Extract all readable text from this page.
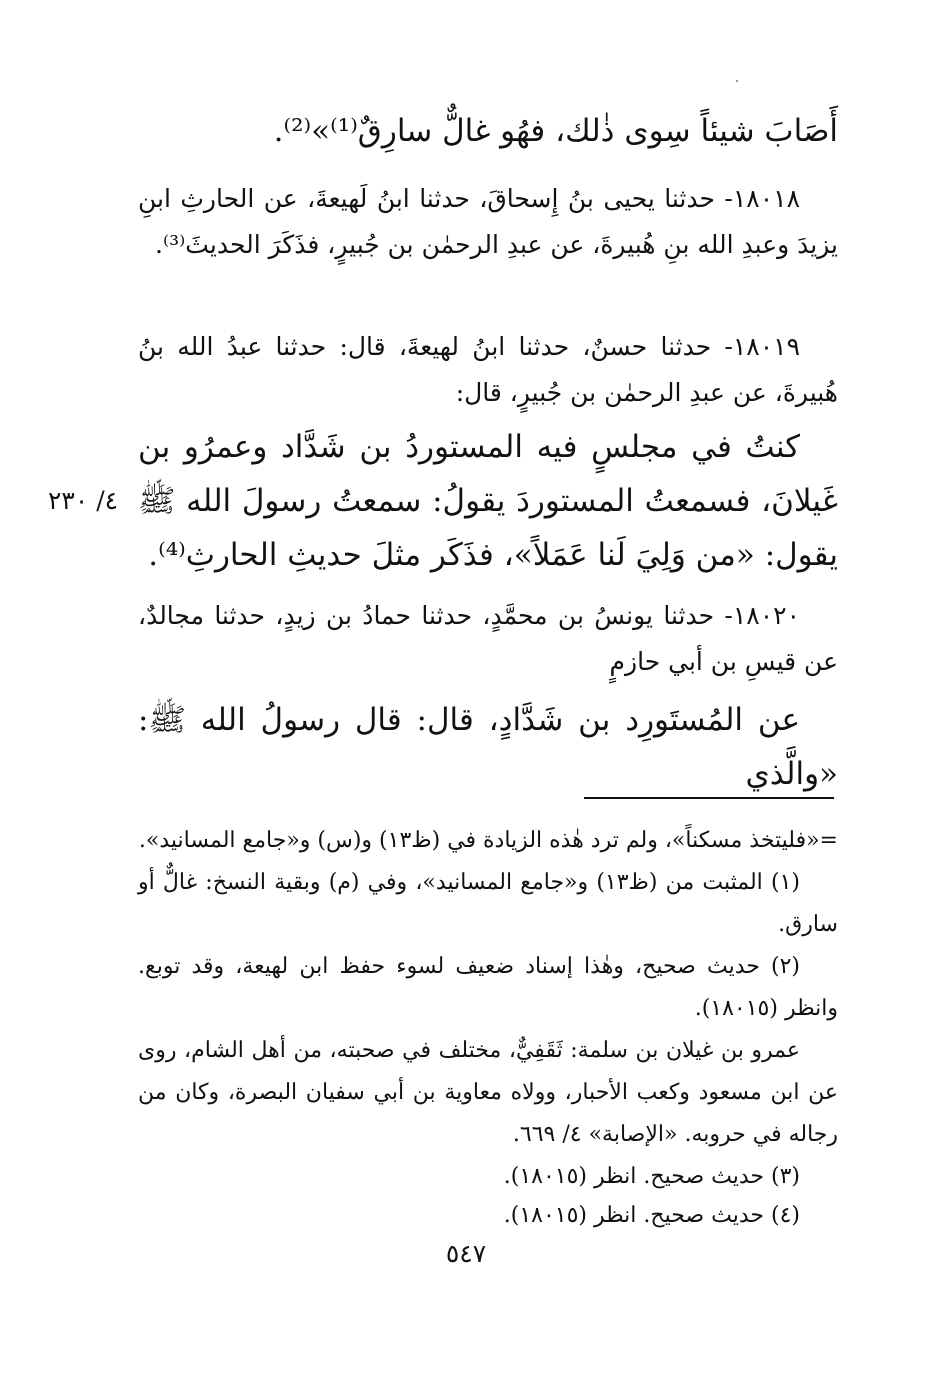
أَصَابَ شيئاً سِوى ذٰلك، فهُو غالٌّ سارِقٌ⁽¹⁾»⁽²⁾.
١٨٠١٨- حدثنا يحيى بنُ إِسحاقَ، حدثنا ابنُ لَهيعةَ، عن الحارثِ ابنِ يزيدَ وعبدِ الله بنِ هُبيرةَ، عن عبدِ الرحمٰن بن جُبيرٍ، فذَكَرَ الحديثَ⁽³⁾.
١٨٠١٩- حدثنا حسنٌ، حدثنا ابنُ لهيعةَ، قال: حدثنا عبدُ الله بنُ هُبيرةَ، عن عبدِ الرحمٰن بن جُبيرٍ، قال:
كنتُ في مجلسٍ فيه المستوردُ بن شَدَّاد وعمرُو بن غَيلانَ، فسمعتُ المستوردَ يقولُ: سمعتُ رسولَ الله ﷺ يقول: «من وَلِيَ لَنا عَمَلاً»، فذَكَر مثلَ حديثِ الحارثِ⁽⁴⁾.
٤/ ٢٣٠
١٨٠٢٠- حدثنا يونسُ بن محمَّدٍ، حدثنا حمادُ بن زيدٍ، حدثنا مجالدٌ، عن قيسِ بن أبي حازمٍ
عن المُستَورِد بن شَدَّادٍ، قال: قال رسولُ الله ﷺ: «والَّذي
=«فليتخذ مسكناً»، ولم ترد هٰذه الزيادة في (ظ١٣) و(س) و«جامع المسانيد».
(١) المثبت من (ظ١٣) و«جامع المسانيد»، وفي (م) وبقية النسخ: غالٌّ أو سارق.
(٢) حديث صحيح، وهٰذا إسناد ضعيف لسوء حفظ ابن لهيعة، وقد توبع. وانظر (١٨٠١٥).
عمرو بن غيلان بن سلمة: ثَقَفِيٌّ، مختلف في صحبته، من أهل الشام، روى عن ابن مسعود وكعب الأحبار، وولاه معاوية بن أبي سفيان البصرة، وكان من رجاله في حروبه. «الإصابة» ٤/ ٦٦٩.
(٣) حديث صحيح. انظر (١٨٠١٥).
(٤) حديث صحيح. انظر (١٨٠١٥).
٥٤٧
